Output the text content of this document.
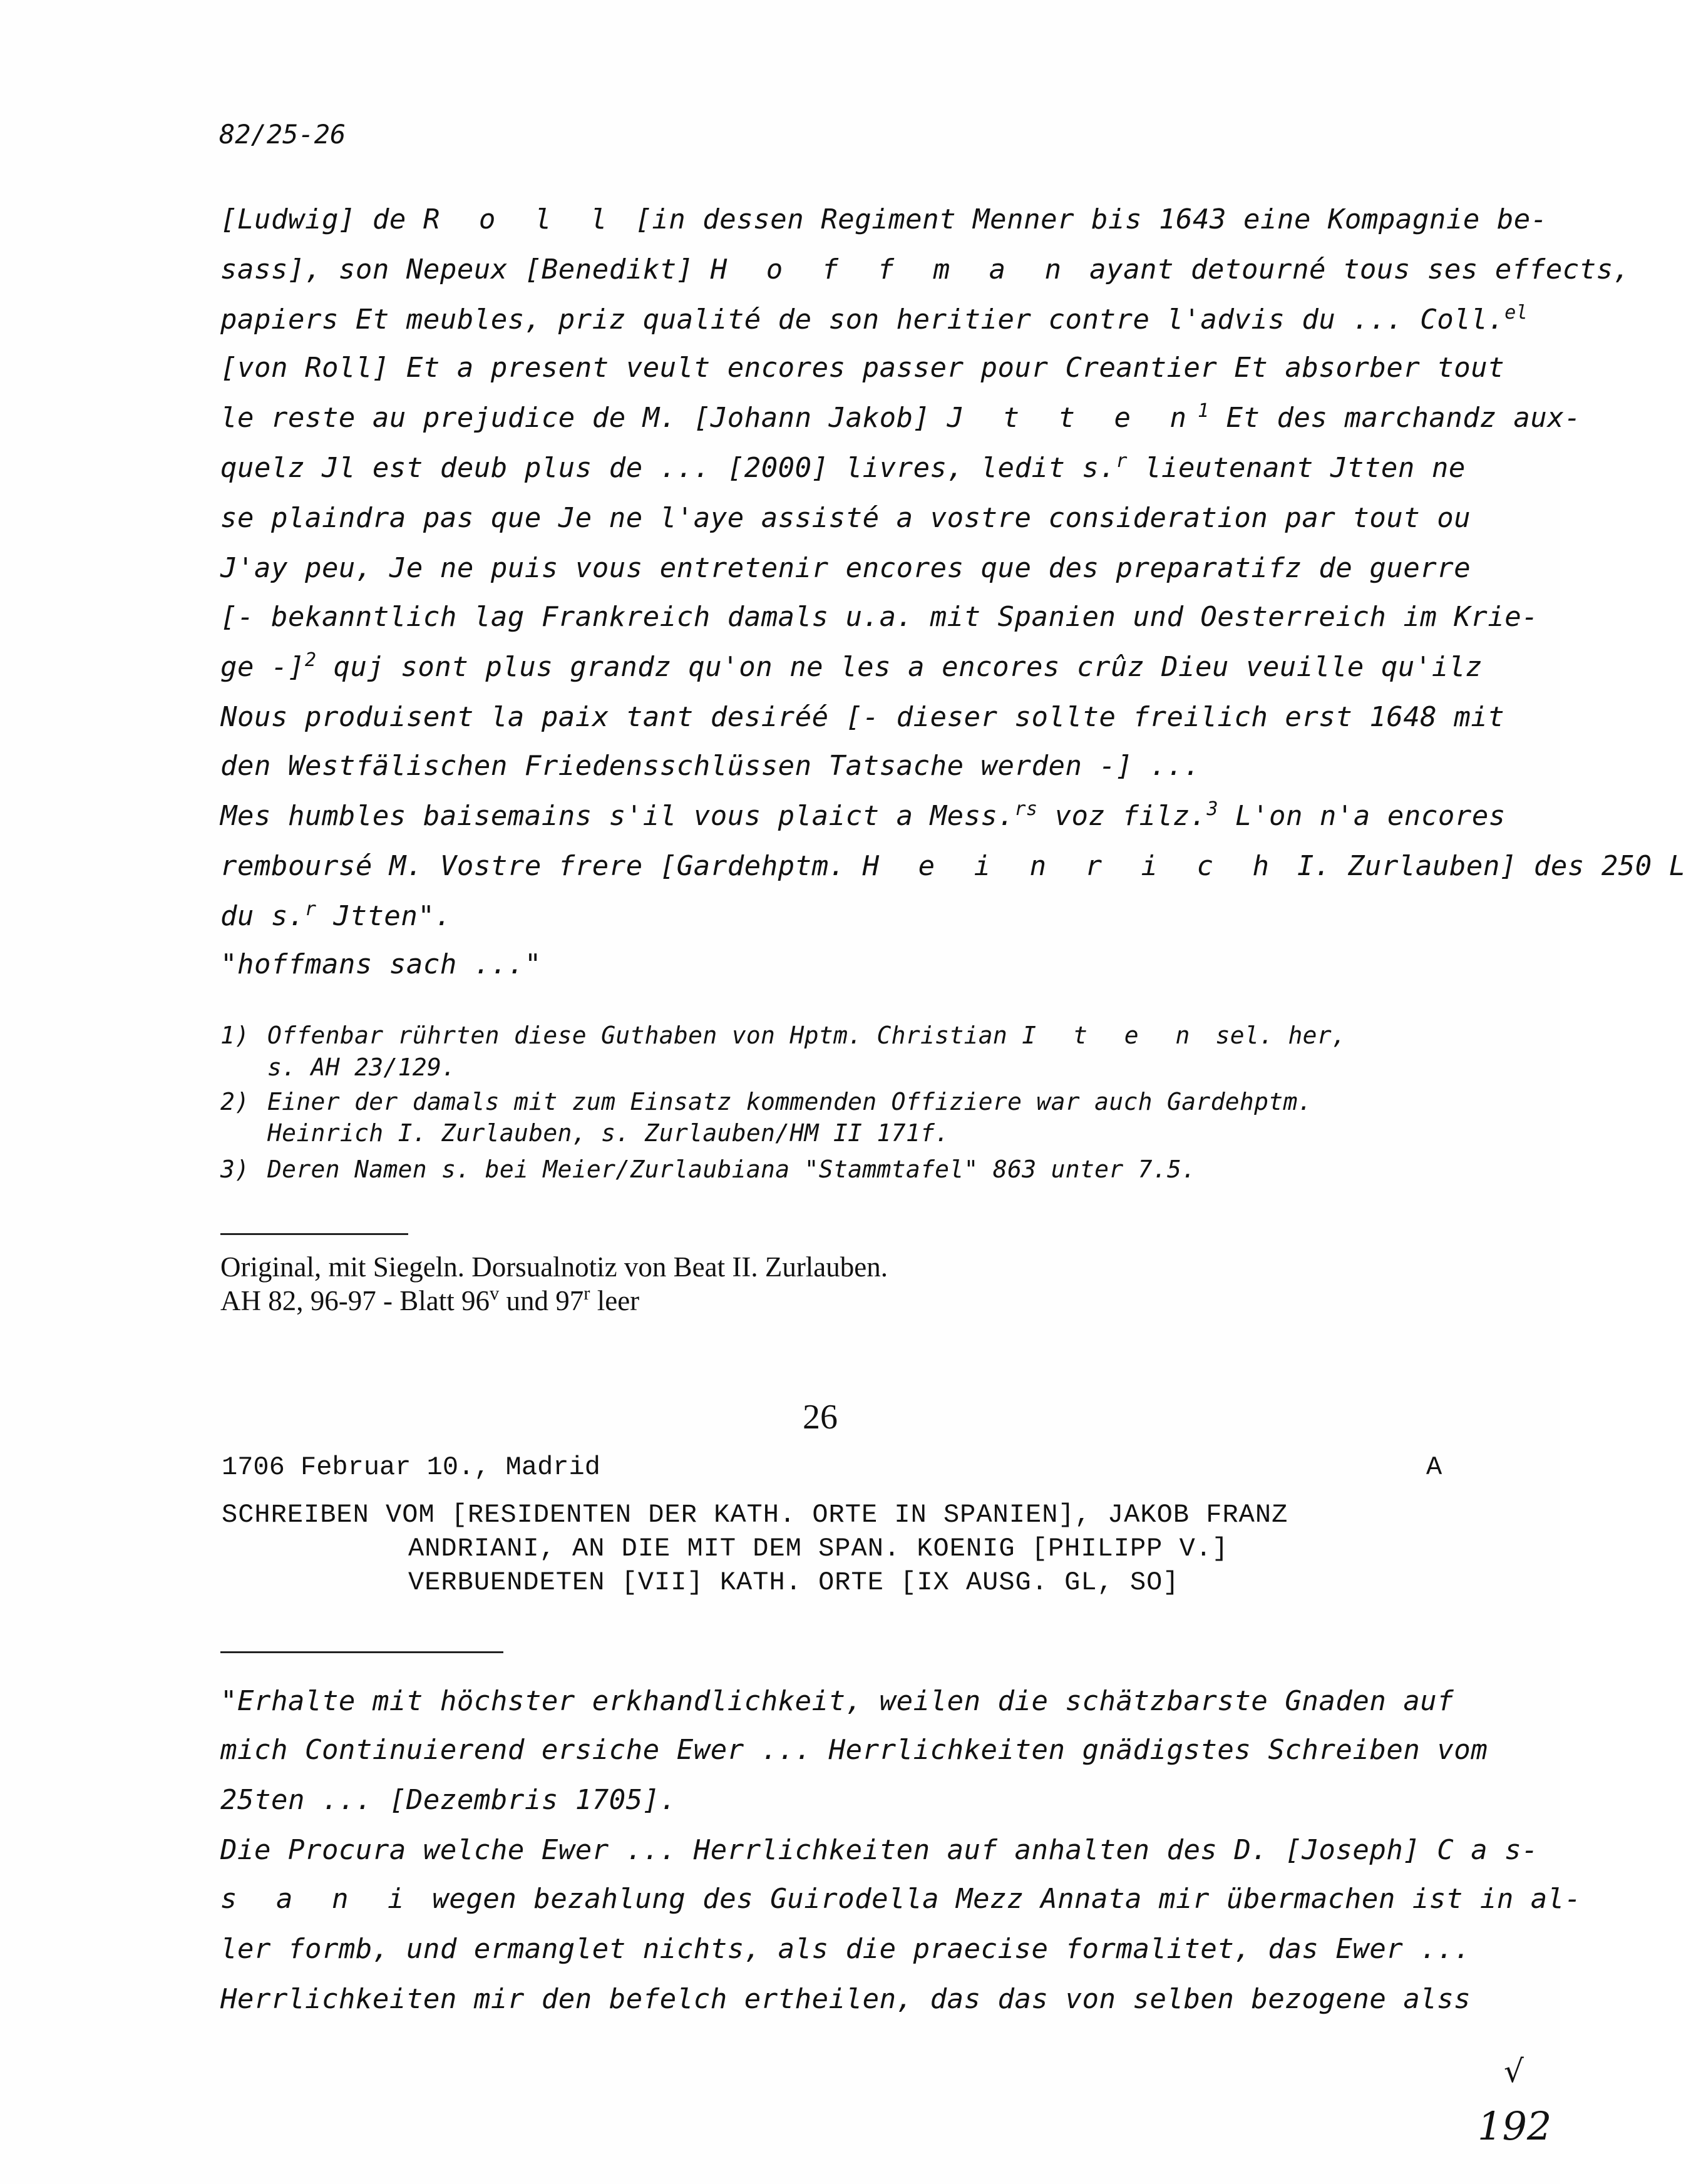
82/25-26
[Ludwig] de R o l l [in dessen Regiment Menner bis 1643 eine Kompagnie be-
sass], son Nepeux [Benedikt] H o f f m a n ayant detourné tous ses effects,
papiers Et meubles, priz qualité de son heritier contre l'advis du ... Coll.$^{el}$
[von Roll] Et a present veult encores passer pour Creantier Et absorber tout
le reste au prejudice de M. [Johann Jakob] J t t e $n^1$ Et des marchandz aux-
quelz Jl est deub plus de ... [2000] livres, ledit s.$^r$ lieutenant Jtten ne
se plaindra pas que Je ne l'aye assisté a vostre consideration par tout ou
J'ay peu, Je ne puis vous entretenir encores que des preparatifz de guerre
[- bekanntlich lag Frankreich damals u.a. mit Spanien und Oesterreich im Krie-
ge -]$^2$ quj sont plus grandz qu'on ne les a encores crûz Dieu veuille qu'ilz
Nous produisent la paix tant desiréé [- dieser sollte freilich erst 1648 mit
den Westfälischen Friedensschlüssen Tatsache werden -] ...
Mes humbles baisemains s'il vous plaict a Mess.$^{rs}$ voz filz.$^3$ L'on n'a encores
remboursé M. Vostre frere [Gardehptm. H e i n r i c h I. Zurlauben] des 250 L
du s.$^r$ Jtten".
"hoffmans sach ..."
1) Offenbar rührten diese Guthaben von Hptm. Christian I t e n sel. her,
s. AH 23/129.
2) Einer der damals mit zum Einsatz kommenden Offiziere war auch Gardehptm.
Heinrich I. Zurlauben, s. Zurlauben/HM II 171f.
3) Deren Namen s. bei Meier/Zurlaubiana "Stammtafel" 863 unter 7.5.
Original, mit Siegeln. Dorsualnotiz von Beat II. Zurlauben.
AH 82, 96-97 - Blatt 96$^v$ und 97$^r$ leer
26
1706 Februar 10., Madrid	A
SCHREIBEN VOM [RESIDENTEN DER KATH. ORTE IN SPANIEN], JAKOB FRANZ
ANDRIANI, AN DIE MIT DEM SPAN. KOENIG [PHILIPP V.]
VERBUENDETEN [VII] KATH. ORTE [IX AUSG. GL, SO]
"Erhalte mit höchster erkhandlichkeit, weilen die schätzbarste Gnaden auf
mich Continuierend ersiche Ewer ... Herrlichkeiten gnädigstes Schreiben vom
25ten ... [Dezembris 1705].
Die Procura welche Ewer ... Herrlichkeiten auf anhalten des D. [Joseph] C a s-
s a n i wegen bezahlung des Guirodella Mezz Annata mir übermachen ist in al-
ler formb, und ermanglet nichts, als die praecise formalitet, das Ewer ...
Herrlichkeiten mir den befelch ertheilen, das das von selben bezogene alss
√
192
